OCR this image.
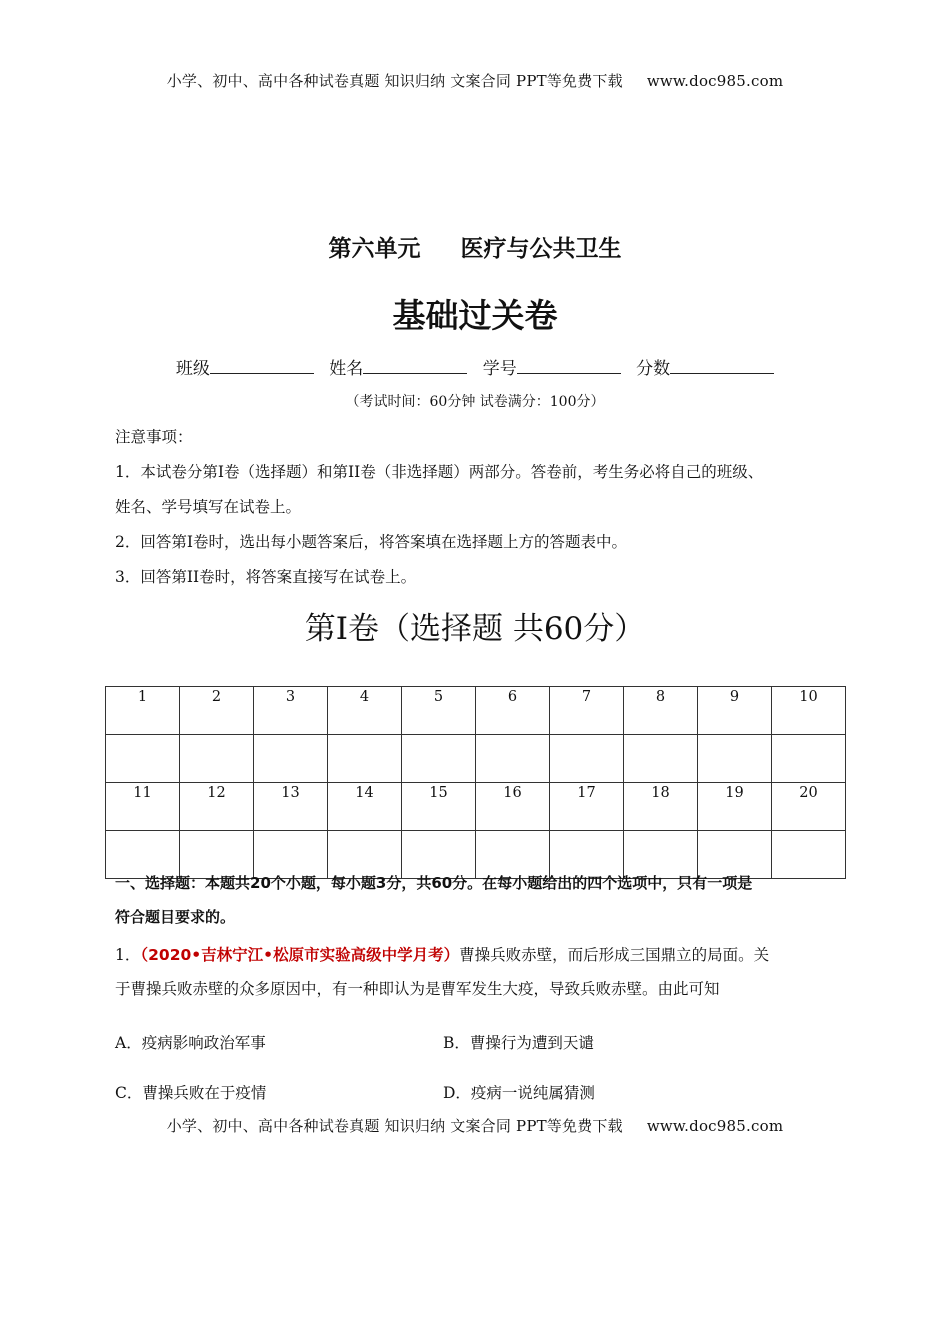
小学、初中、高中各种试卷真题 知识归纳 文案合同 PPT等免费下载 www.doc985.com
第六单元 医疗与公共卫生
基础过关卷
班级	姓名	学号	分数
（考试时间：60分钟 试卷满分：100分）

注意事项：

1．本试卷分第I卷（选择题）和第II卷（非选择题）两部分。答卷前，考生务必将自己的班级、

姓名、学号填写在试卷上。

2．回答第I卷时，选出每小题答案后，将答案填在选择题上方的答题表中。

3．回答第II卷时，将答案直接写在试卷上。

第Ⅰ卷（选择题 共60分）
1	2	3	4	5	6	7	8	9	10

11	12	13	14	15	16	17	18	19	20

一、选择题：本题共20个小题，每小题3分，共60分。在每小题给出的四个选项中，只有一项是
符合题目要求的。
1．（2020•吉林宁江•松原市实验高级中学月考）曹操兵败赤壁，而后形成三国鼎立的局面。关
于曹操兵败赤壁的众多原因中，有一种即认为是曹军发生大疫，导致兵败赤壁。由此可知
A．疫病影响政治军事	B．曹操行为遭到天谴
C．曹操兵败在于疫情	D．疫病一说纯属猜测
小学、初中、高中各种试卷真题 知识归纳 文案合同 PPT等免费下载 www.doc985.com
